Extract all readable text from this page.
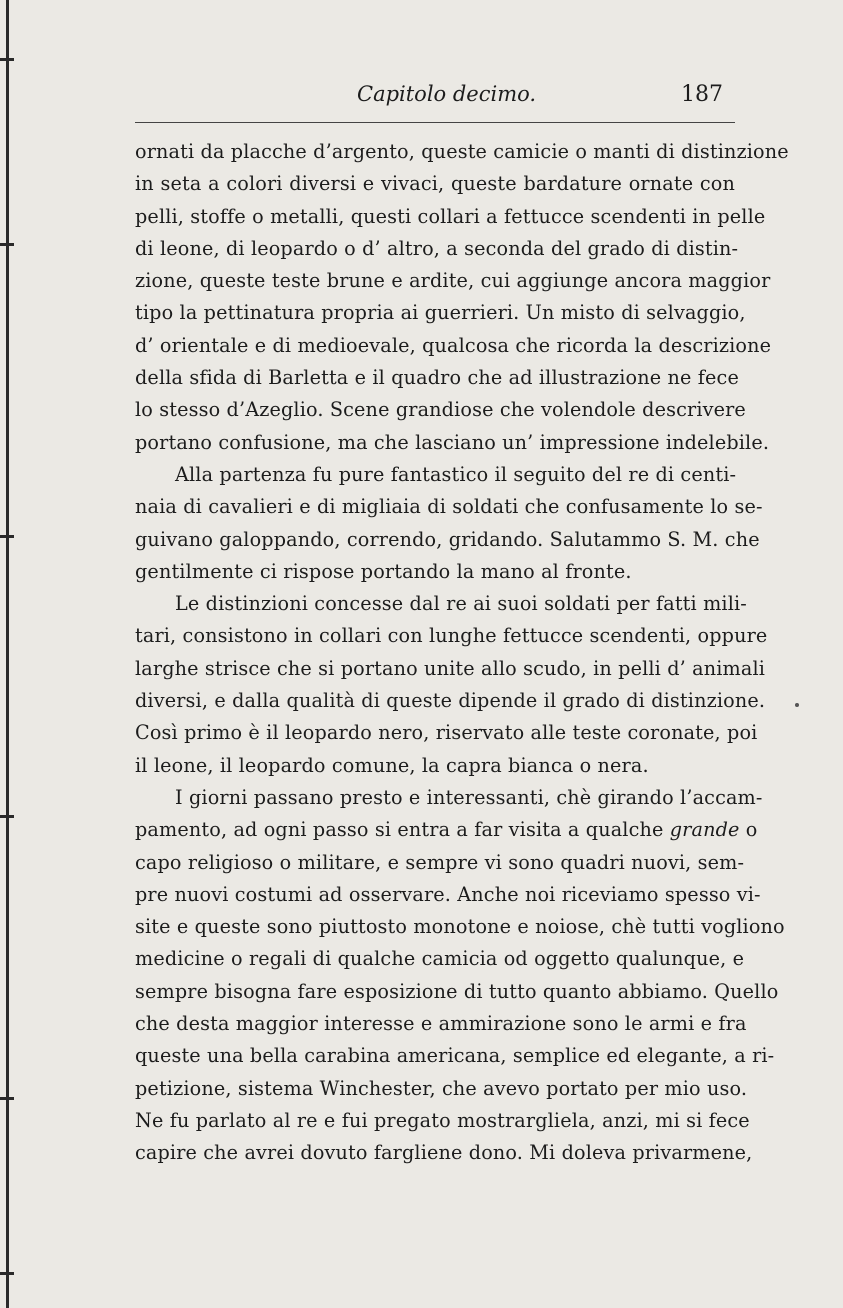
Capitolo decimo.	187
ornati da placche d’argento, queste camicie o manti di distinzione
in seta a colori diversi e vivaci, queste bardature ornate con
pelli, stoffe o metalli, questi collari a fettucce scendenti in pelle
di leone, di leopardo o d’ altro, a seconda del grado di distin-
zione, queste teste brune e ardite, cui aggiunge ancora maggior
tipo la pettinatura propria ai guerrieri. Un misto di selvaggio,
d’ orientale e di medioevale, qualcosa che ricorda la descrizione
della sfida di Barletta e il quadro che ad illustrazione ne fece
lo stesso d’Azeglio. Scene grandiose che volendole descrivere
portano confusione, ma che lasciano un’ impressione indelebile.
Alla partenza fu pure fantastico il seguito del re di centi-
naia di cavalieri e di migliaia di soldati che confusamente lo se-
guivano galoppando, correndo, gridando. Salutammo S. M. che
gentilmente ci rispose portando la mano al fronte.
Le distinzioni concesse dal re ai suoi soldati per fatti mili-
tari, consistono in collari con lunghe fettucce scendenti, oppure
larghe strisce che si portano unite allo scudo, in pelli d’ animali
diversi, e dalla qualità di queste dipende il grado di distinzione.
Così primo è il leopardo nero, riservato alle teste coronate, poi
il leone, il leopardo comune, la capra bianca o nera.
I giorni passano presto e interessanti, chè girando l’accam-
pamento, ad ogni passo si entra a far visita a qualche grande o
capo religioso o militare, e sempre vi sono quadri nuovi, sem-
pre nuovi costumi ad osservare. Anche noi riceviamo spesso vi-
site e queste sono piuttosto monotone e noiose, chè tutti vogliono
medicine o regali di qualche camicia od oggetto qualunque, e
sempre bisogna fare esposizione di tutto quanto abbiamo. Quello
che desta maggior interesse e ammirazione sono le armi e fra
queste una bella carabina americana, semplice ed elegante, a ri-
petizione, sistema Winchester, che avevo portato per mio uso.
Ne fu parlato al re e fui pregato mostrargliela, anzi, mi si fece
capire che avrei dovuto fargliene dono. Mi doleva privarmene,
